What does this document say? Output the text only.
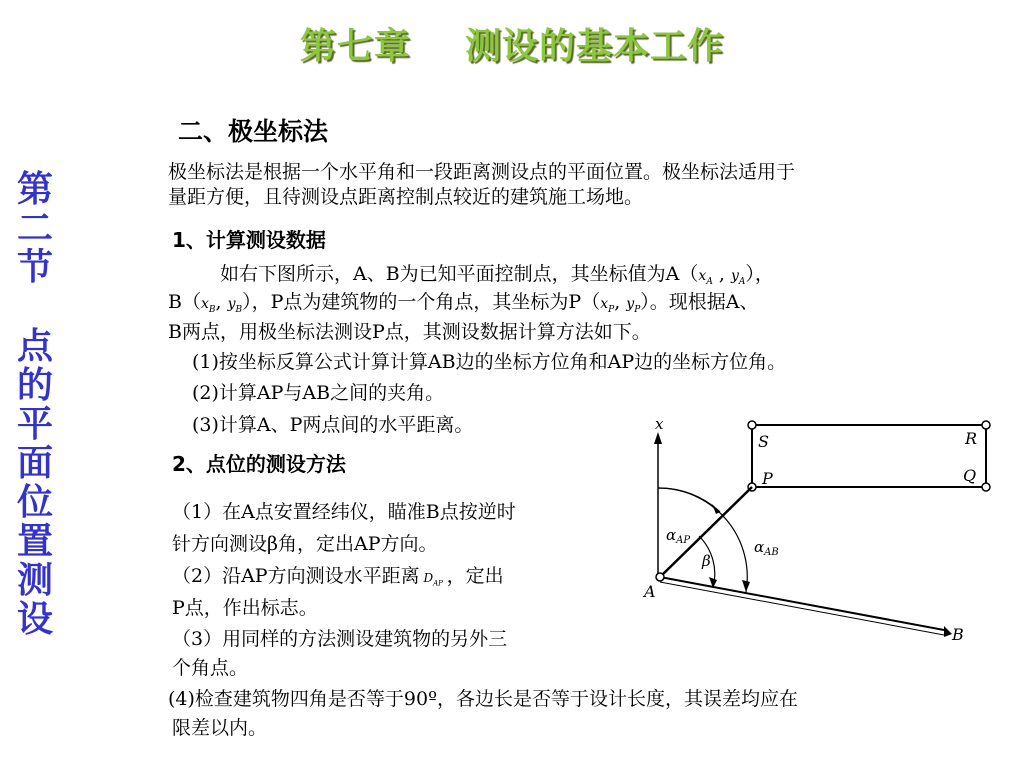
第七章    测设的基本工作
第
二
节
点
的
平
面
位
置
测
设
二、极坐标法
极坐标法是根据一个水平角和一段距离测设点的平面位置。极坐标法适用于
量距方便，且待测设点距离控制点较近的建筑施工场地。
1、计算测设数据
如右下图所示，A、B为已知平面控制点，其坐标值为$A(x_A$ , $y_A$），
$B(x_B$, $y_B$），P点为建筑物的一个角点，其坐标为$P(x_P$, $y_P$）。现根据A、
B两点，用极坐标法测设P点，其测设数据计算方法如下。
(1)按坐标反算公式计算计算AB边的坐标方位角和AP边的坐标方位角。
(2)计算AP与AB之间的夹角。
(3)计算A、P两点间的水平距离。
2、点位的测设方法
（1）在A点安置经纬仪，瞄准B点按逆时
针方向测设β角，定出AP方向。
（2）沿AP方向测设水平距离 $D_{AP}$ ，定出
P点，作出标志。
（3）用同样的方法测设建筑物的另外三
个角点。
(4)检查建筑物四角是否等于90º，各边长是否等于设计长度，其误差均应在
限差以内。
x
S	R
P	Q
B
A
$\alpha_{AP}$	$\alpha_{AB}$
β
